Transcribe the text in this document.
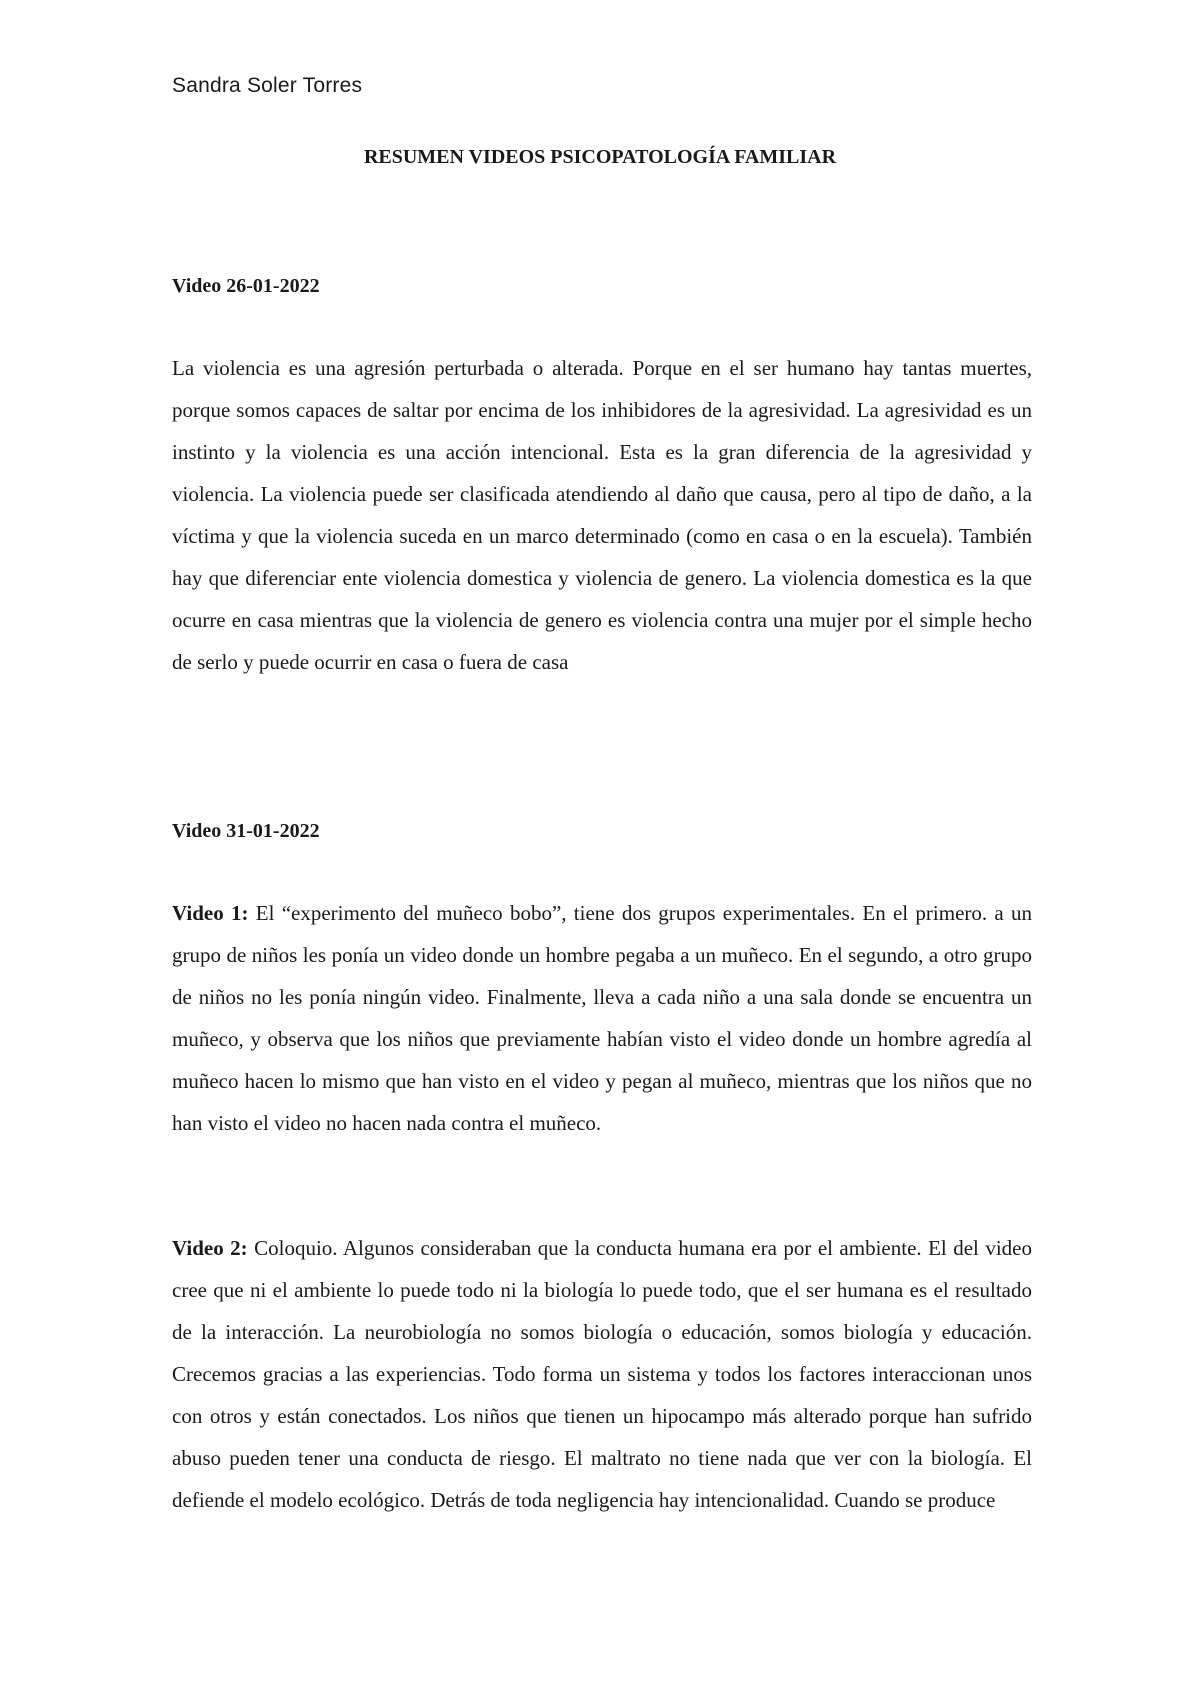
Sandra Soler Torres
RESUMEN VIDEOS PSICOPATOLOGÍA FAMILIAR
Video 26-01-2022

La violencia es una agresión perturbada o alterada. Porque en el ser humano hay tantas muertes, porque somos capaces de saltar por encima de los inhibidores de la agresividad. La agresividad es un instinto y la violencia es una acción intencional. Esta es la gran diferencia de la agresividad y violencia. La violencia puede ser clasificada atendiendo al daño que causa, pero al tipo de daño, a la víctima y que la violencia suceda en un marco determinado (como en casa o en la escuela). También hay que diferenciar ente violencia domestica y violencia de genero. La violencia domestica es la que ocurre en casa mientras que la violencia de genero es violencia contra una mujer por el simple hecho de serlo y puede ocurrir en casa o fuera de casa

Video 31-01-2022

Video 1: El “experimento del muñeco bobo”, tiene dos grupos experimentales. En el primero. a un grupo de niños les ponía un video donde un hombre pegaba a un muñeco. En el segundo, a otro grupo de niños no les ponía ningún video. Finalmente, lleva a cada niño a una sala donde se encuentra un muñeco, y observa que los niños que previamente habían visto el video donde un hombre agredía al muñeco hacen lo mismo que han visto en el video y pegan al muñeco, mientras que los niños que no han visto el video no hacen nada contra el muñeco.

Video 2: Coloquio. Algunos consideraban que la conducta humana era por el ambiente. El del video cree que ni el ambiente lo puede todo ni la biología lo puede todo, que el ser humana es el resultado de la interacción. La neurobiología no somos biología o educación, somos biología y educación. Crecemos gracias a las experiencias. Todo forma un sistema y todos los factores interaccionan unos con otros y están conectados. Los niños que tienen un hipocampo más alterado porque han sufrido abuso pueden tener una conducta de riesgo. El maltrato no tiene nada que ver con la biología. El defiende el modelo ecológico. Detrás de toda negligencia hay intencionalidad. Cuando se produce
